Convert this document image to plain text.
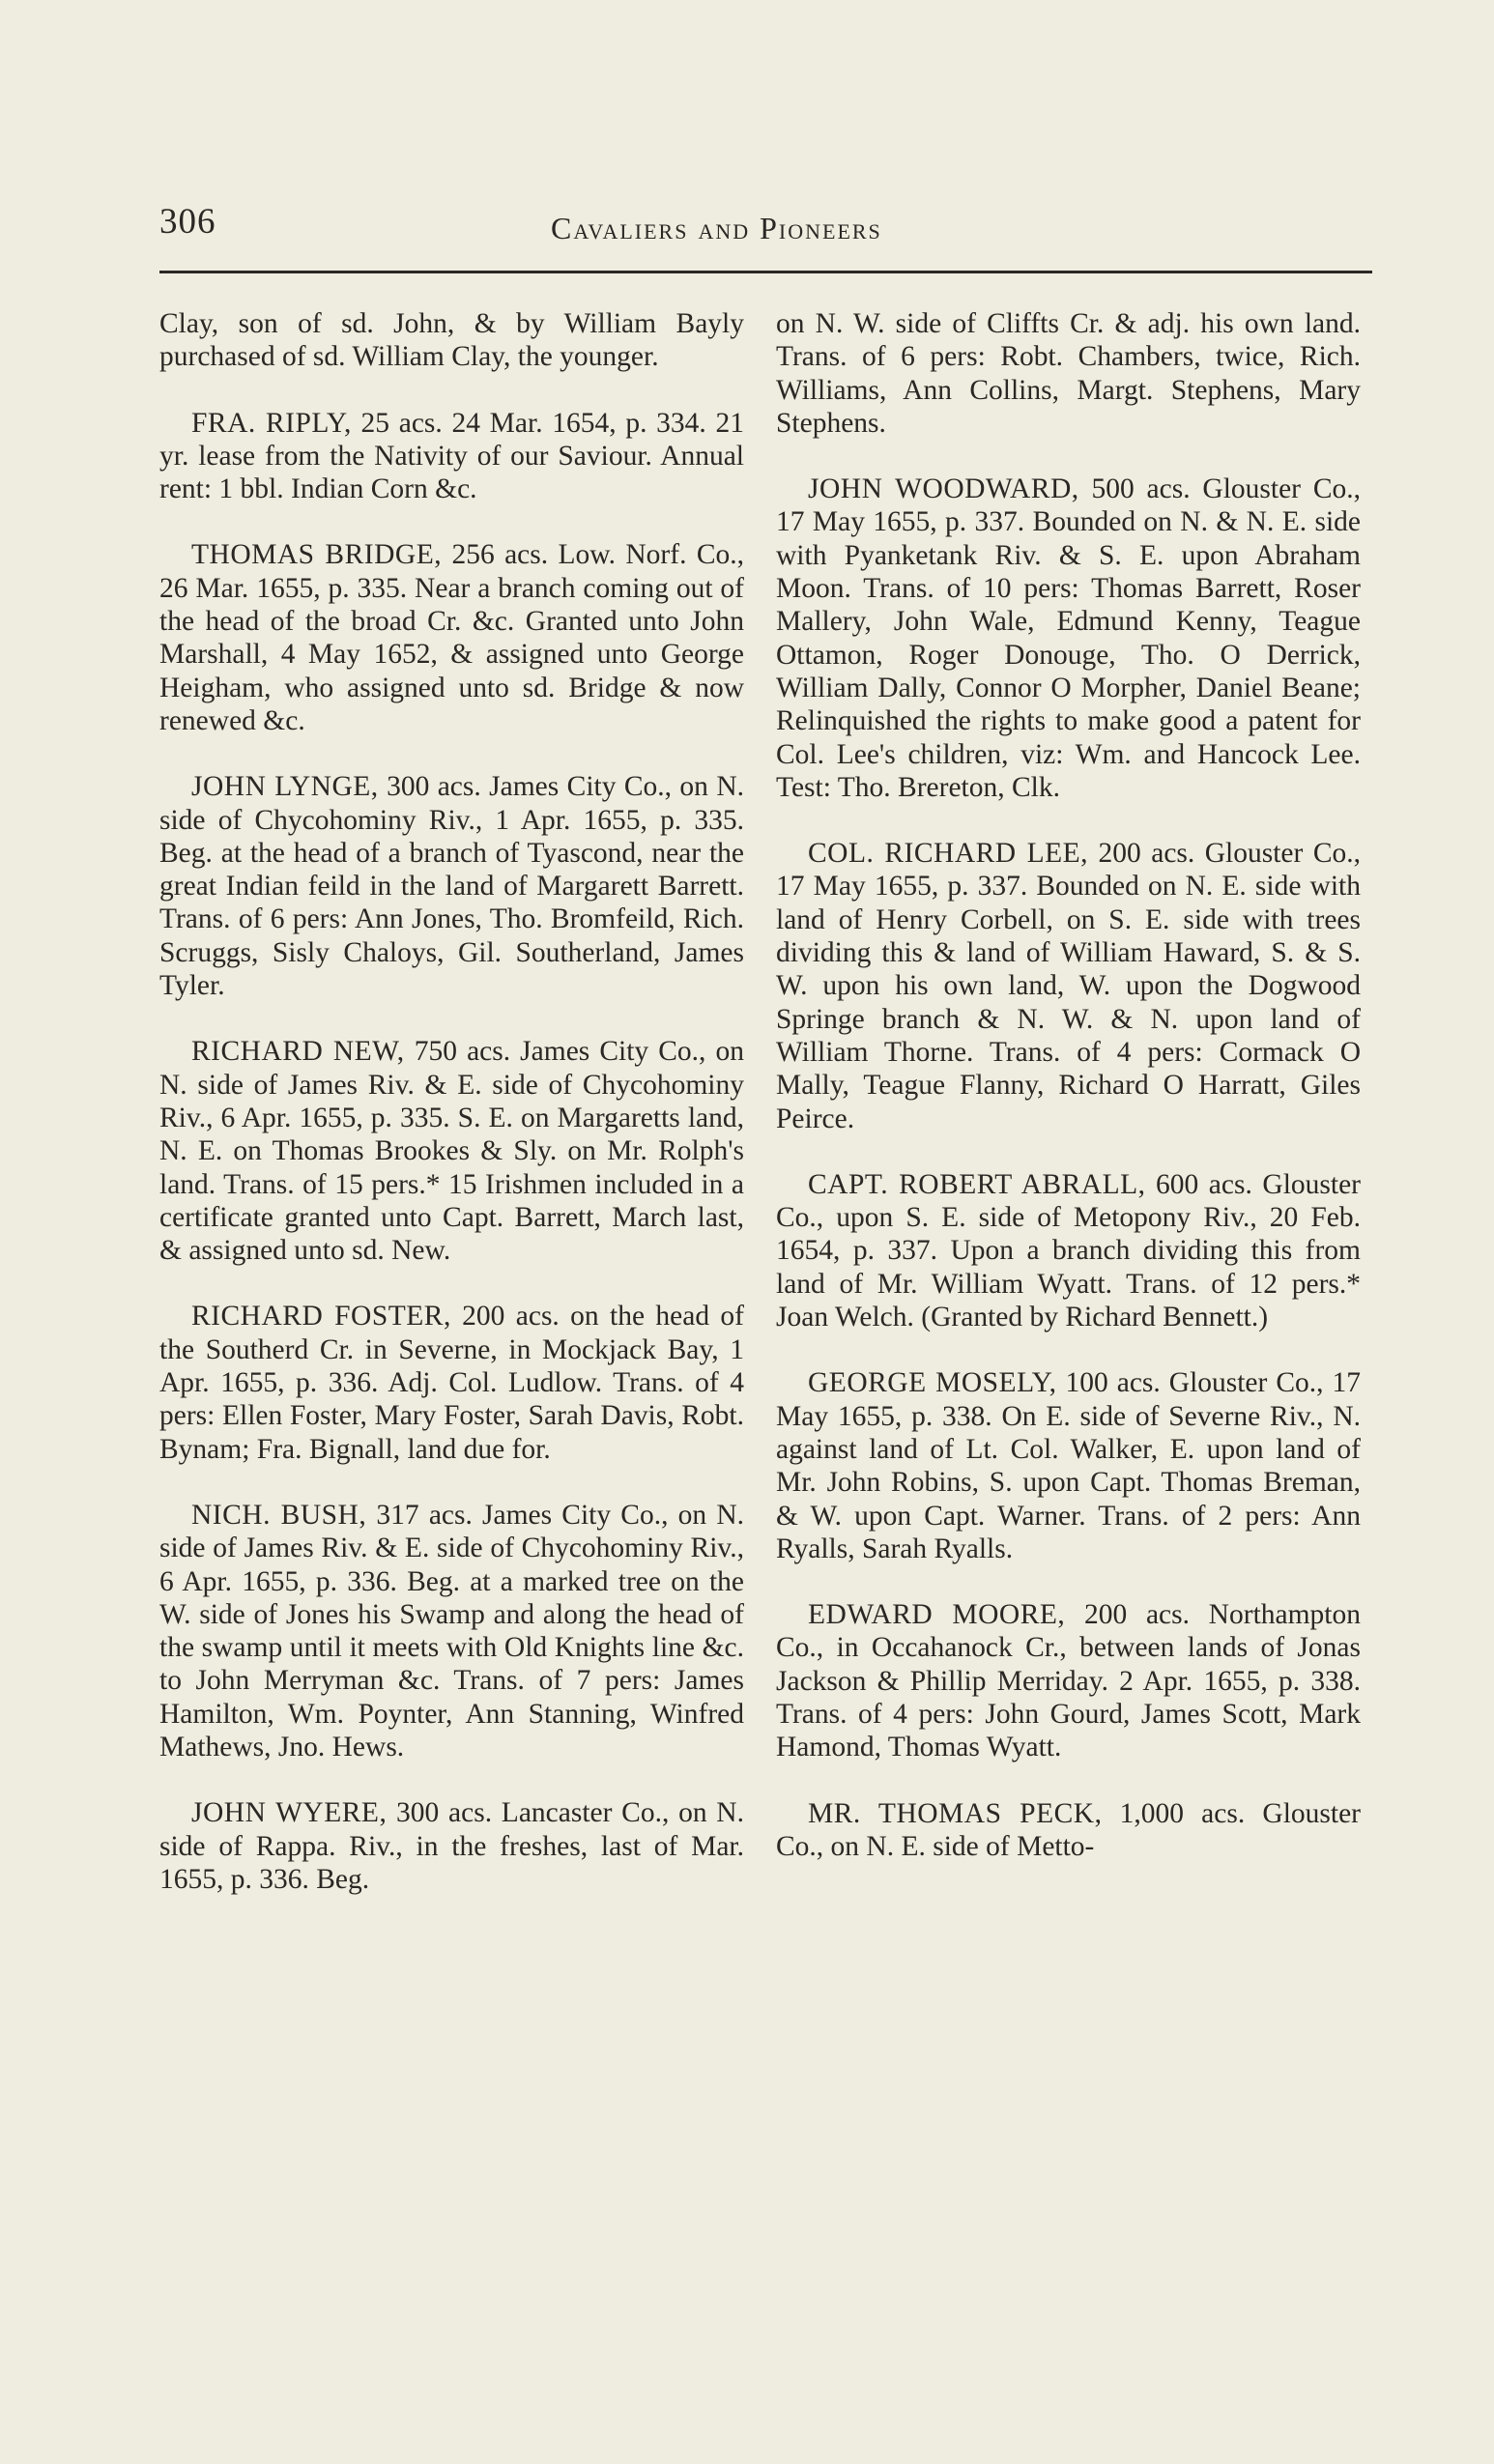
306	Cavaliers and Pioneers

Clay, son of sd. John, & by William Bayly purchased of sd. William Clay, the younger.

FRA. RIPLY, 25 acs. 24 Mar. 1654, p. 334. 21 yr. lease from the Nativity of our Saviour. Annual rent: 1 bbl. Indian Corn &c.

THOMAS BRIDGE, 256 acs. Low. Norf. Co., 26 Mar. 1655, p. 335. Near a branch coming out of the head of the broad Cr. &c. Granted unto John Marshall, 4 May 1652, & assigned unto George Heigham, who assigned unto sd. Bridge & now renewed &c.

JOHN LYNGE, 300 acs. James City Co., on N. side of Chycohominy Riv., 1 Apr. 1655, p. 335. Beg. at the head of a branch of Tyascond, near the great Indian feild in the land of Margarett Barrett. Trans. of 6 pers: Ann Jones, Tho. Bromfeild, Rich. Scruggs, Sisly Chaloys, Gil. Southerland, James Tyler.

RICHARD NEW, 750 acs. James City Co., on N. side of James Riv. & E. side of Chycohominy Riv., 6 Apr. 1655, p. 335. S. E. on Margaretts land, N. E. on Thomas Brookes & Sly. on Mr. Rolph's land. Trans. of 15 pers.* 15 Irishmen included in a certificate granted unto Capt. Barrett, March last, & assigned unto sd. New.

RICHARD FOSTER, 200 acs. on the head of the Southerd Cr. in Severne, in Mockjack Bay, 1 Apr. 1655, p. 336. Adj. Col. Ludlow. Trans. of 4 pers: Ellen Foster, Mary Foster, Sarah Davis, Robt. Bynam; Fra. Bignall, land due for.

NICH. BUSH, 317 acs. James City Co., on N. side of James Riv. & E. side of Chycohominy Riv., 6 Apr. 1655, p. 336. Beg. at a marked tree on the W. side of Jones his Swamp and along the head of the swamp until it meets with Old Knights line &c. to John Merryman &c. Trans. of 7 pers: James Hamilton, Wm. Poynter, Ann Stanning, Winfred Mathews, Jno. Hews.

JOHN WYERE, 300 acs. Lancaster Co., on N. side of Rappa. Riv., in the freshes, last of Mar. 1655, p. 336. Beg.

on N. W. side of Cliffts Cr. & adj. his own land. Trans. of 6 pers: Robt. Chambers, twice, Rich. Williams, Ann Collins, Margt. Stephens, Mary Stephens.

JOHN WOODWARD, 500 acs. Glouster Co., 17 May 1655, p. 337. Bounded on N. & N. E. side with Pyanketank Riv. & S. E. upon Abraham Moon. Trans. of 10 pers: Thomas Barrett, Roser Mallery, John Wale, Edmund Kenny, Teague Ottamon, Roger Donouge, Tho. O Derrick, William Dally, Connor O Morpher, Daniel Beane; Relinquished the rights to make good a patent for Col. Lee's children, viz: Wm. and Hancock Lee. Test: Tho. Brereton, Clk.

COL. RICHARD LEE, 200 acs. Glouster Co., 17 May 1655, p. 337. Bounded on N. E. side with land of Henry Corbell, on S. E. side with trees dividing this & land of William Haward, S. & S. W. upon his own land, W. upon the Dogwood Springe branch & N. W. & N. upon land of William Thorne. Trans. of 4 pers: Cormack O Mally, Teague Flanny, Richard O Harratt, Giles Peirce.

CAPT. ROBERT ABRALL, 600 acs. Glouster Co., upon S. E. side of Metopony Riv., 20 Feb. 1654, p. 337. Upon a branch dividing this from land of Mr. William Wyatt. Trans. of 12 pers.* Joan Welch. (Granted by Richard Bennett.)

GEORGE MOSELY, 100 acs. Glouster Co., 17 May 1655, p. 338. On E. side of Severne Riv., N. against land of Lt. Col. Walker, E. upon land of Mr. John Robins, S. upon Capt. Thomas Breman, & W. upon Capt. Warner. Trans. of 2 pers: Ann Ryalls, Sarah Ryalls.

EDWARD MOORE, 200 acs. Northampton Co., in Occahanock Cr., between lands of Jonas Jackson & Phillip Merriday. 2 Apr. 1655, p. 338. Trans. of 4 pers: John Gourd, James Scott, Mark Hamond, Thomas Wyatt.

MR. THOMAS PECK, 1,000 acs. Glouster Co., on N. E. side of Metto-
